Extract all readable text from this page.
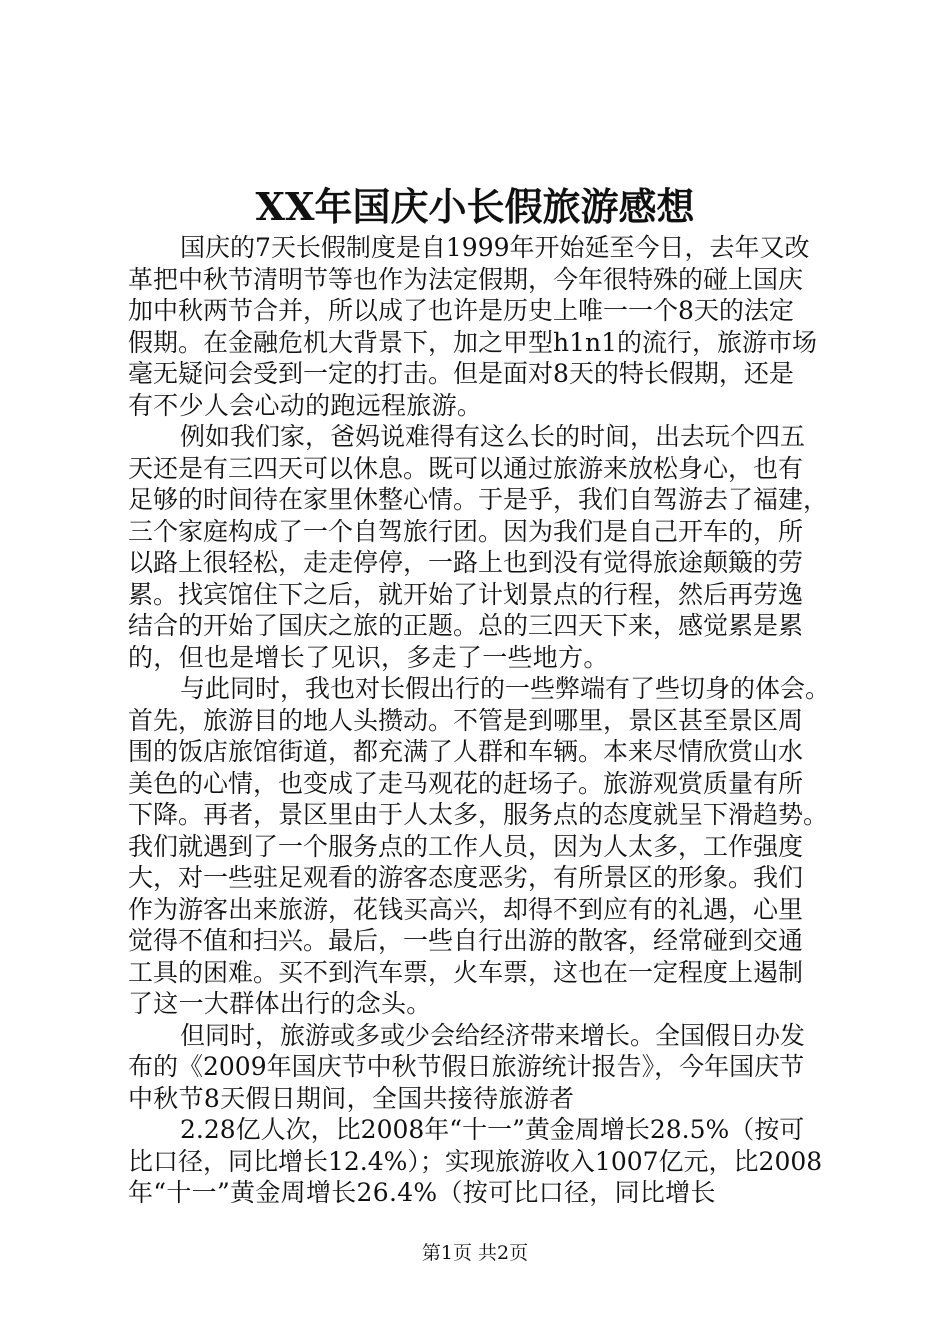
XX年国庆小长假旅游感想
国庆的7天长假制度是自1999年开始延至今日，去年又改
革把中秋节清明节等也作为法定假期，今年很特殊的碰上国庆
加中秋两节合并，所以成了也许是历史上唯一一个8天的法定
假期。在金融危机大背景下，加之甲型h1n1的流行，旅游市场
毫无疑问会受到一定的打击。但是面对8天的特长假期，还是
有不少人会心动的跑远程旅游。
例如我们家，爸妈说难得有这么长的时间，出去玩个四五
天还是有三四天可以休息。既可以通过旅游来放松身心，也有
足够的时间待在家里休整心情。于是乎，我们自驾游去了福建，
三个家庭构成了一个自驾旅行团。因为我们是自己开车的，所
以路上很轻松，走走停停，一路上也到没有觉得旅途颠簸的劳
累。找宾馆住下之后，就开始了计划景点的行程，然后再劳逸
结合的开始了国庆之旅的正题。总的三四天下来，感觉累是累
的，但也是增长了见识，多走了一些地方。
与此同时，我也对长假出行的一些弊端有了些切身的体会。
首先，旅游目的地人头攒动。不管是到哪里，景区甚至景区周
围的饭店旅馆街道，都充满了人群和车辆。本来尽情欣赏山水
美色的心情，也变成了走马观花的赶场子。旅游观赏质量有所
下降。再者，景区里由于人太多，服务点的态度就呈下滑趋势。
我们就遇到了一个服务点的工作人员，因为人太多，工作强度
大，对一些驻足观看的游客态度恶劣，有所景区的形象。我们
作为游客出来旅游，花钱买高兴，却得不到应有的礼遇，心里
觉得不值和扫兴。最后，一些自行出游的散客，经常碰到交通
工具的困难。买不到汽车票，火车票，这也在一定程度上遏制
了这一大群体出行的念头。
但同时，旅游或多或少会给经济带来增长。全国假日办发
布的《2009年国庆节中秋节假日旅游统计报告》，今年国庆节
中秋节8天假日期间，全国共接待旅游者
2.28亿人次，比2008年“十一”黄金周增长28.5%（按可
比口径，同比增长12.4%）；实现旅游收入1007亿元，比2008
年“十一”黄金周增长26.4%（按可比口径，同比增长
第1页 共2页
